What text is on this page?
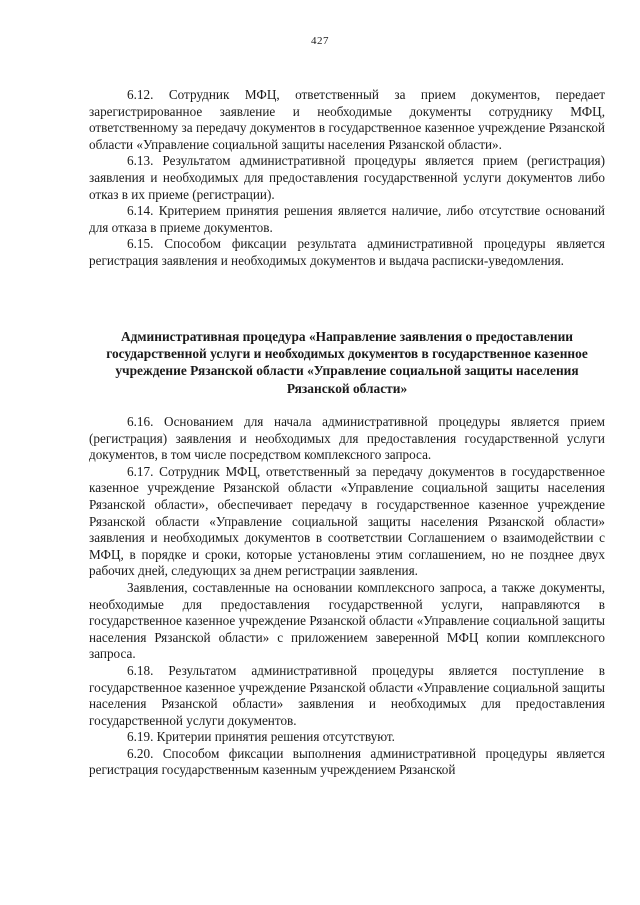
427

6.12. Сотрудник МФЦ, ответственный за прием документов, передает зарегистрированное заявление и необходимые документы сотруднику МФЦ, ответственному за передачу документов в государственное казенное учреждение Рязанской области «Управление социальной защиты населения Рязанской области».

6.13. Результатом административной процедуры является прием (регистрация) заявления и необходимых для предоставления государственной услуги документов либо отказ в их приеме (регистрации).

6.14. Критерием принятия решения является наличие, либо отсутствие оснований для отказа в приеме документов.

6.15. Способом фиксации результата административной процедуры является регистрация заявления и необходимых документов и выдача расписки-уведомления.

Административная процедура «Направление заявления о предоставлении государственной услуги и необходимых документов в государственное казенное учреждение Рязанской области «Управление социальной защиты населения Рязанской области»

6.16. Основанием для начала административной процедуры является прием (регистрация) заявления и необходимых для предоставления государственной услуги документов, в том числе посредством комплексного запроса.

6.17. Сотрудник МФЦ, ответственный за передачу документов в государственное казенное учреждение Рязанской области «Управление социальной защиты населения Рязанской области», обеспечивает передачу в государственное казенное учреждение Рязанской области «Управление социальной защиты населения Рязанской области» заявления и необходимых документов в соответствии Соглашением о взаимодействии с МФЦ, в порядке и сроки, которые установлены этим соглашением, но не позднее двух рабочих дней, следующих за днем регистрации заявления.

Заявления, составленные на основании комплексного запроса, а также документы, необходимые для предоставления государственной услуги, направляются в государственное казенное учреждение Рязанской области «Управление социальной защиты населения Рязанской области» с приложением заверенной МФЦ копии комплексного запроса.

6.18. Результатом административной процедуры является поступление в государственное казенное учреждение Рязанской области «Управление социальной защиты населения Рязанской области» заявления и необходимых для предоставления государственной услуги документов.

6.19. Критерии принятия решения отсутствуют.

6.20. Способом фиксации выполнения административной процедуры является регистрация государственным казенным учреждением Рязанской
